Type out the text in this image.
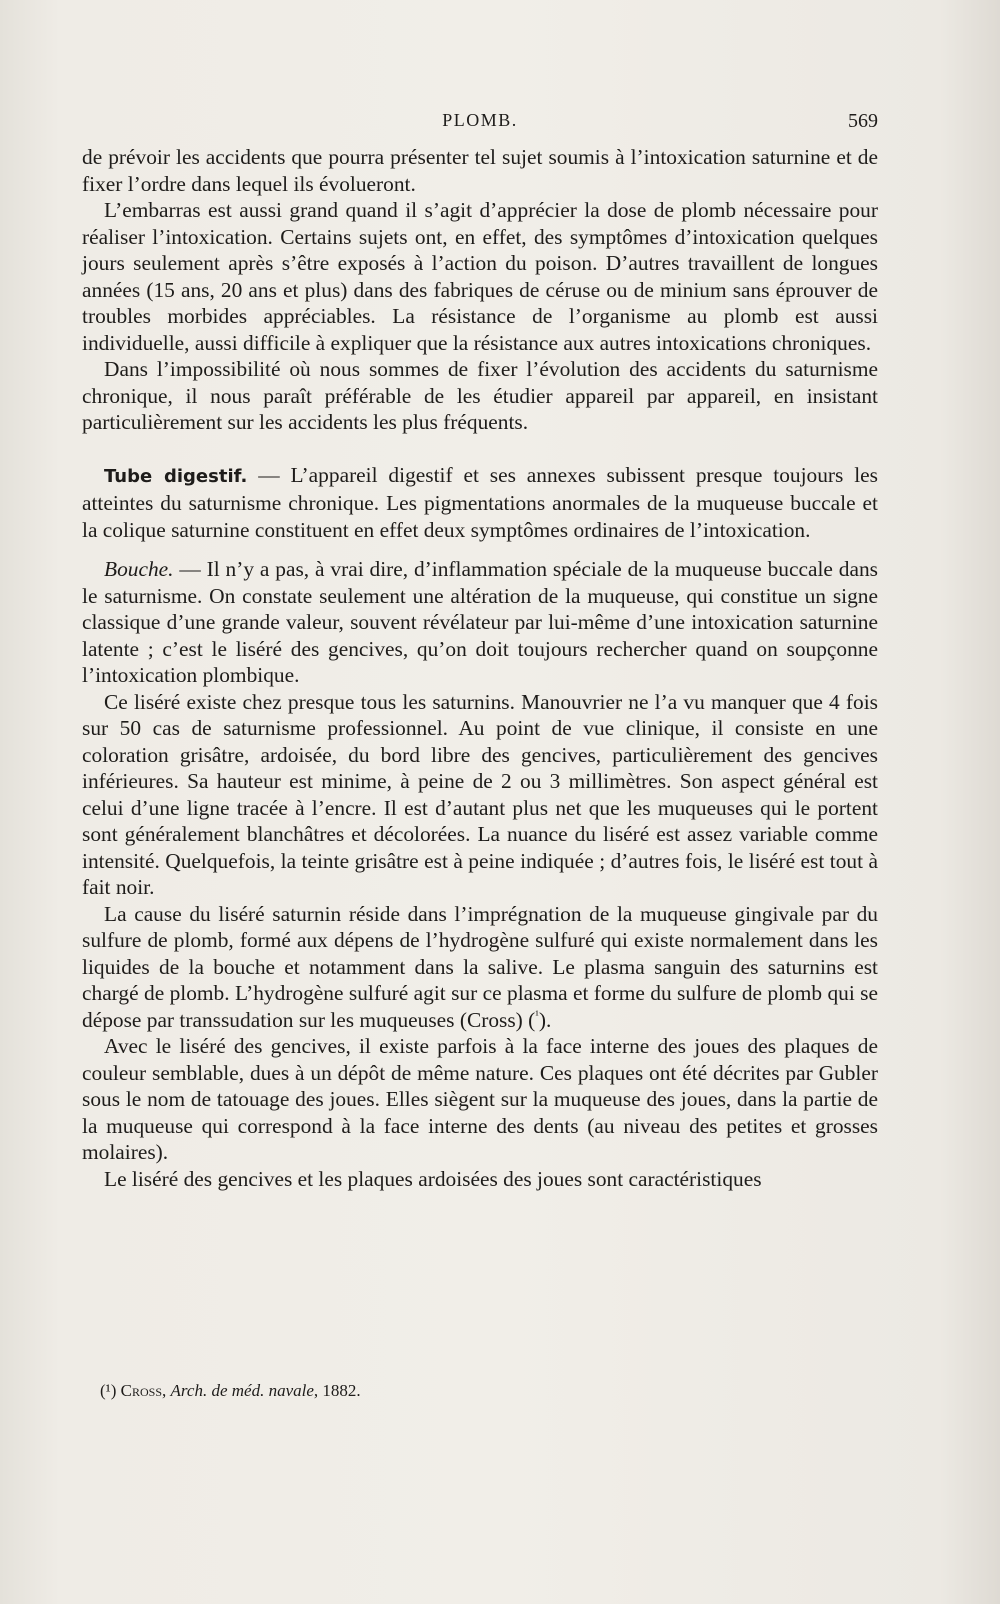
PLOMB.	569

de prévoir les accidents que pourra présenter tel sujet soumis à l’intoxication saturnine et de fixer l’ordre dans lequel ils évolueront.

L’embarras est aussi grand quand il s’agit d’apprécier la dose de plomb nécessaire pour réaliser l’intoxication. Certains sujets ont, en effet, des symptômes d’intoxication quelques jours seulement après s’être exposés à l’action du poison. D’autres travaillent de longues années (15 ans, 20 ans et plus) dans des fabriques de céruse ou de minium sans éprouver de troubles morbides appréciables. La résistance de l’organisme au plomb est aussi individuelle, aussi difficile à expliquer que la résistance aux autres intoxications chroniques.

Dans l’impossibilité où nous sommes de fixer l’évolution des accidents du saturnisme chronique, il nous paraît préférable de les étudier appareil par appareil, en insistant particulièrement sur les accidents les plus fréquents.

Tube digestif. — L’appareil digestif et ses annexes subissent presque toujours les atteintes du saturnisme chronique. Les pigmentations anormales de la muqueuse buccale et la colique saturnine constituent en effet deux symptômes ordinaires de l’intoxication.

Bouche. — Il n’y a pas, à vrai dire, d’inflammation spéciale de la muqueuse buccale dans le saturnisme. On constate seulement une altération de la muqueuse, qui constitue un signe classique d’une grande valeur, souvent révélateur par lui-même d’une intoxication saturnine latente ; c’est le liséré des gencives, qu’on doit toujours rechercher quand on soupçonne l’intoxication plombique.

Ce liséré existe chez presque tous les saturnins. Manouvrier ne l’a vu manquer que 4 fois sur 50 cas de saturnisme professionnel. Au point de vue clinique, il consiste en une coloration grisâtre, ardoisée, du bord libre des gencives, particulièrement des gencives inférieures. Sa hauteur est minime, à peine de 2 ou 3 millimètres. Son aspect général est celui d’une ligne tracée à l’encre. Il est d’autant plus net que les muqueuses qui le portent sont généralement blanchâtres et décolorées. La nuance du liséré est assez variable comme intensité. Quelquefois, la teinte grisâtre est à peine indiquée ; d’autres fois, le liséré est tout à fait noir.

La cause du liséré saturnin réside dans l’imprégnation de la muqueuse gingivale par du sulfure de plomb, formé aux dépens de l’hydrogène sulfuré qui existe normalement dans les liquides de la bouche et notamment dans la salive. Le plasma sanguin des saturnins est chargé de plomb. L’hydrogène sulfuré agit sur ce plasma et forme du sulfure de plomb qui se dépose par transsudation sur les muqueuses (Cross) ($^{^1}$).

Avec le liséré des gencives, il existe parfois à la face interne des joues des plaques de couleur semblable, dues à un dépôt de même nature. Ces plaques ont été décrites par Gubler sous le nom de tatouage des joues. Elles siègent sur la muqueuse des joues, dans la partie de la muqueuse qui correspond à la face interne des dents (au niveau des petites et grosses molaires).

Le liséré des gencives et les plaques ardoisées des joues sont caractéristiques

(¹) Cross, Arch. de méd. navale, 1882.
